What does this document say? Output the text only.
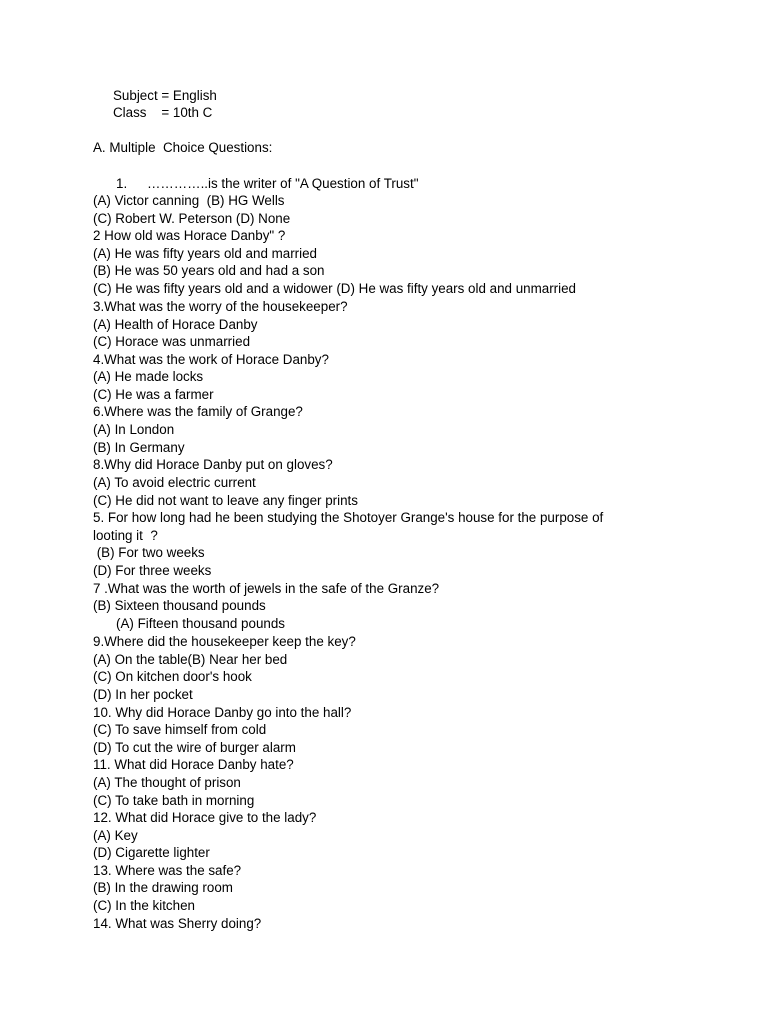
Subject = English

Class    = 10th C

A. Multiple  Choice Questions:

1. …………..is the writer of "A Question of Trust"

(A) Victor canning  (B) HG Wells

(C) Robert W. Peterson (D) None

2 How old was Horace Danby" ?

(A) He was fifty years old and married

(B) He was 50 years old and had a son

(C) He was fifty years old and a widower (D) He was fifty years old and unmarried

3.What was the worry of the housekeeper?

(A) Health of Horace Danby

(C) Horace was unmarried

4.What was the work of Horace Danby?

(A) He made locks

(C) He was a farmer

6.Where was the family of Grange?

(A) In London

(B) In Germany

8.Why did Horace Danby put on gloves?

(A) To avoid electric current

(C) He did not want to leave any finger prints

5. For how long had he been studying the Shotoyer Grange's house for the purpose of

looting it  ?

(B) For two weeks

(D) For three weeks

7 .What was the worth of jewels in the safe of the Granze?

(B) Sixteen thousand pounds

(A) Fifteen thousand pounds

9.Where did the housekeeper keep the key?

(A) On the table(B) Near her bed

(C) On kitchen door's hook

(D) In her pocket

10. Why did Horace Danby go into the hall?

(C) To save himself from cold

(D) To cut the wire of burger alarm

11. What did Horace Danby hate?

(A) The thought of prison

(C) To take bath in morning

12. What did Horace give to the lady?

(A) Key

(D) Cigarette lighter

13. Where was the safe?

(B) In the drawing room

(C) In the kitchen

14. What was Sherry doing?
